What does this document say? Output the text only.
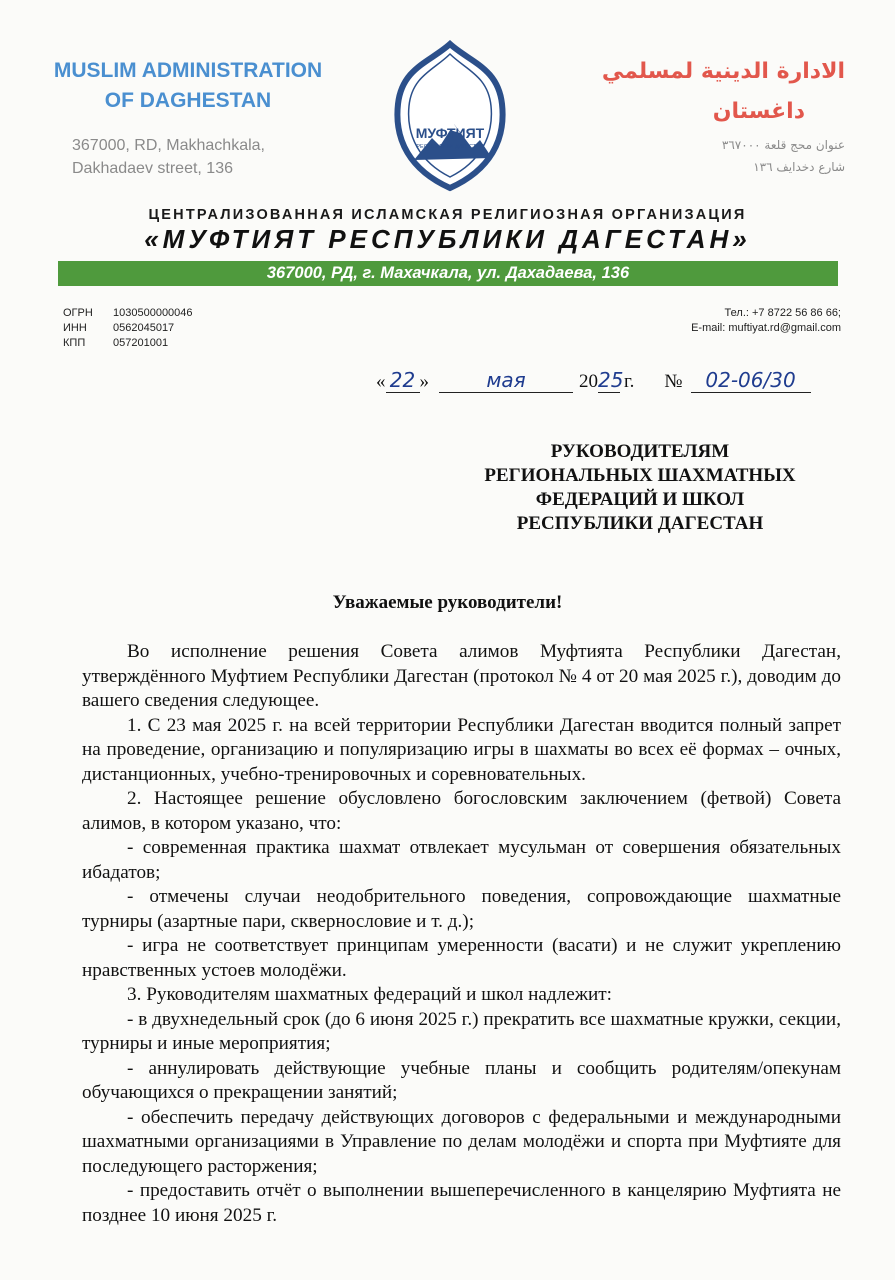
MUSLIM ADMINISTRATION
OF DAGHESTAN
367000, RD, Makhachkala,
Dakhadaev street, 136
МУФТИЯТ
РЕСПУБЛИКИ ДАГЕСТАН
الادارة الدينية لمسلمي
داغستان
عنوان محج قلعة ٣٦٧٠٠٠
شارع دخدايف ١٣٦
ЦЕНТРАЛИЗОВАННАЯ ИСЛАМСКАЯ РЕЛИГИОЗНАЯ ОРГАНИЗАЦИЯ
«МУФТИЯТ РЕСПУБЛИКИ ДАГЕСТАН»
367000, РД, г. Махачкала, ул. Дахадаева, 136
ОГРН	1030500000046
ИНН	0562045017
КПП	057201001
Тел.: +7 8722 56 86 66;
E-mail: muftiyat.rd@gmail.com
« 22 »	мая	20 25 г. №	02-06/30
РУКОВОДИТЕЛЯМ
РЕГИОНАЛЬНЫХ ШАХМАТНЫХ
ФЕДЕРАЦИЙ И ШКОЛ
РЕСПУБЛИКИ ДАГЕСТАН
Уважаемые руководители!

Во исполнение решения Совета алимов Муфтията Республики Дагестан, утверждённого Муфтием Республики Дагестан (протокол № 4 от 20 мая 2025 г.), доводим до вашего сведения следующее.

1. С 23 мая 2025 г. на всей территории Республики Дагестан вводится полный запрет на проведение, организацию и популяризацию игры в шахматы во всех её формах – очных, дистанционных, учебно-тренировочных и соревновательных.

2. Настоящее решение обусловлено богословским заключением (фетвой) Совета алимов, в котором указано, что:

- современная практика шахмат отвлекает мусульман от совершения обязательных ибадатов;

- отмечены случаи неодобрительного поведения, сопровождающие шахматные турниры (азартные пари, сквернословие и т. д.);

- игра не соответствует принципам умеренности (васати) и не служит укреплению нравственных устоев молодёжи.

3. Руководителям шахматных федераций и школ надлежит:

- в двухнедельный срок (до 6 июня 2025 г.) прекратить все шахматные кружки, секции, турниры и иные мероприятия;

- аннулировать действующие учебные планы и сообщить родителям/опекунам обучающихся о прекращении занятий;

- обеспечить передачу действующих договоров с федеральными и международными шахматными организациями в Управление по делам молодёжи и спорта при Муфтияте для последующего расторжения;

- предоставить отчёт о выполнении вышеперечисленного в канцелярию Муфтията не позднее 10 июня 2025 г.
